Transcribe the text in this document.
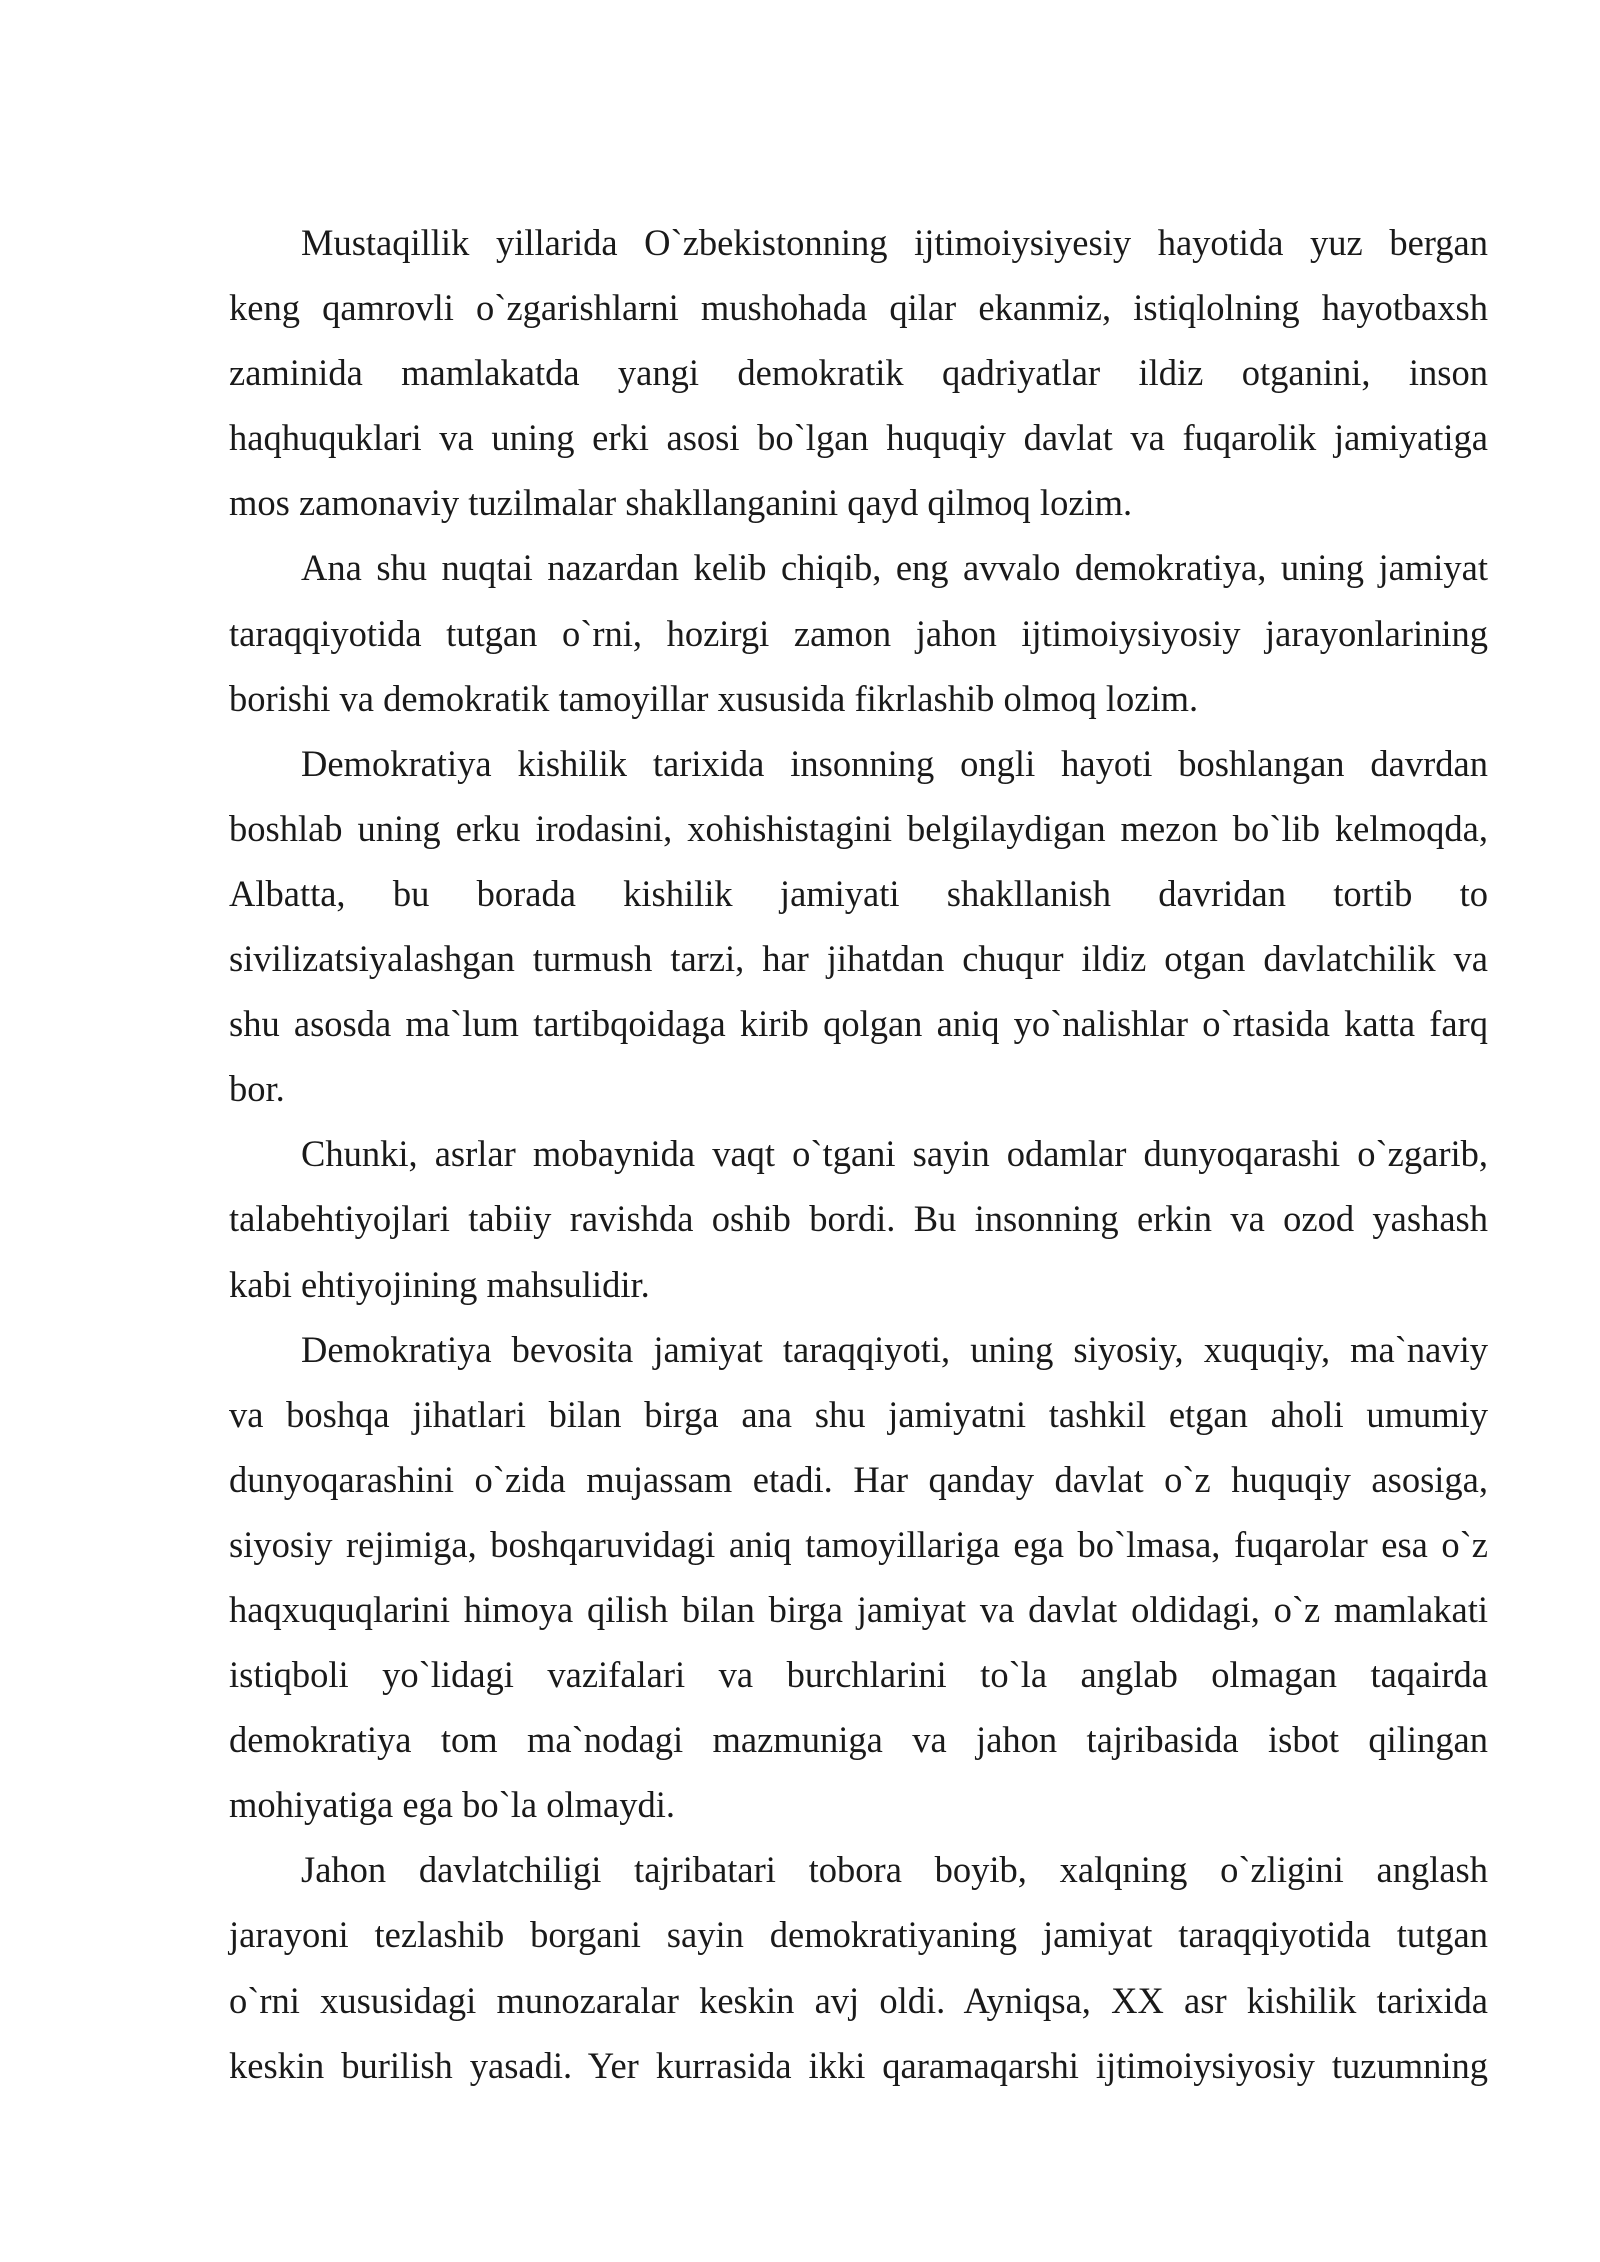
Mustaqillik yillarida O`zbekistonning ijtimoiysiyesiy hayotida yuz bergan
keng qamrovli o`zgarishlarni mushohada qilar ekanmiz, istiqlolning hayotbaxsh
zaminida mamlakatda yangi demokratik qadriyatlar ildiz otganini, inson
haqhuquklari va uning erki asosi bo`lgan huquqiy davlat va fuqarolik jamiyatiga
mos zamonaviy tuzilmalar shakllanganini qayd qilmoq lozim.
Ana shu nuqtai nazardan kelib chiqib, eng avvalo demokratiya, uning jamiyat
taraqqiyotida tutgan o`rni, hozirgi zamon jahon ijtimoiysiyosiy jarayonlarining
borishi va demokratik tamoyillar xususida fikrlashib olmoq lozim.
Demokratiya kishilik tarixida insonning ongli hayoti boshlangan davrdan
boshlab uning erku irodasini, xohishistagini belgilaydigan mezon bo`lib kelmoqda,
Albatta, bu borada kishilik jamiyati shakllanish davridan tortib to
sivilizatsiyalashgan turmush tarzi, har jihatdan chuqur ildiz otgan davlatchilik va
shu asosda ma`lum tartibqoidaga kirib qolgan aniq yo`nalishlar o`rtasida katta farq
bor.
Chunki, asrlar mobaynida vaqt o`tgani sayin odamlar dunyoqarashi o`zgarib,
talabehtiyojlari tabiiy ravishda oshib bordi. Bu insonning erkin va ozod yashash
kabi ehtiyojining mahsulidir.
Demokratiya bevosita jamiyat taraqqiyoti, uning siyosiy, xuquqiy, ma`naviy
va boshqa jihatlari bilan birga ana shu jamiyatni tashkil etgan aholi umumiy
dunyoqarashini o`zida mujassam etadi. Har qanday davlat o`z huquqiy asosiga,
siyosiy rejimiga, boshqaruvidagi aniq tamoyillariga ega bo`lmasa, fuqarolar esa o`z
haqxuquqlarini himoya qilish bilan birga jamiyat va davlat oldidagi, o`z mamlakati
istiqboli yo`lidagi vazifalari va burchlarini to`la anglab olmagan taqairda
demokratiya tom ma`nodagi mazmuniga va jahon tajribasida isbot qilingan
mohiyatiga ega bo`la olmaydi.
Jahon davlatchiligi tajribatari tobora boyib, xalqning o`zligini anglash
jarayoni tezlashib borgani sayin demokratiyaning jamiyat taraqqiyotida tutgan
o`rni xususidagi munozaralar keskin avj oldi. Ayniqsa, XX asr kishilik tarixida
keskin burilish yasadi. Yer kurrasida ikki qaramaqarshi ijtimoiysiyosiy tuzumning
